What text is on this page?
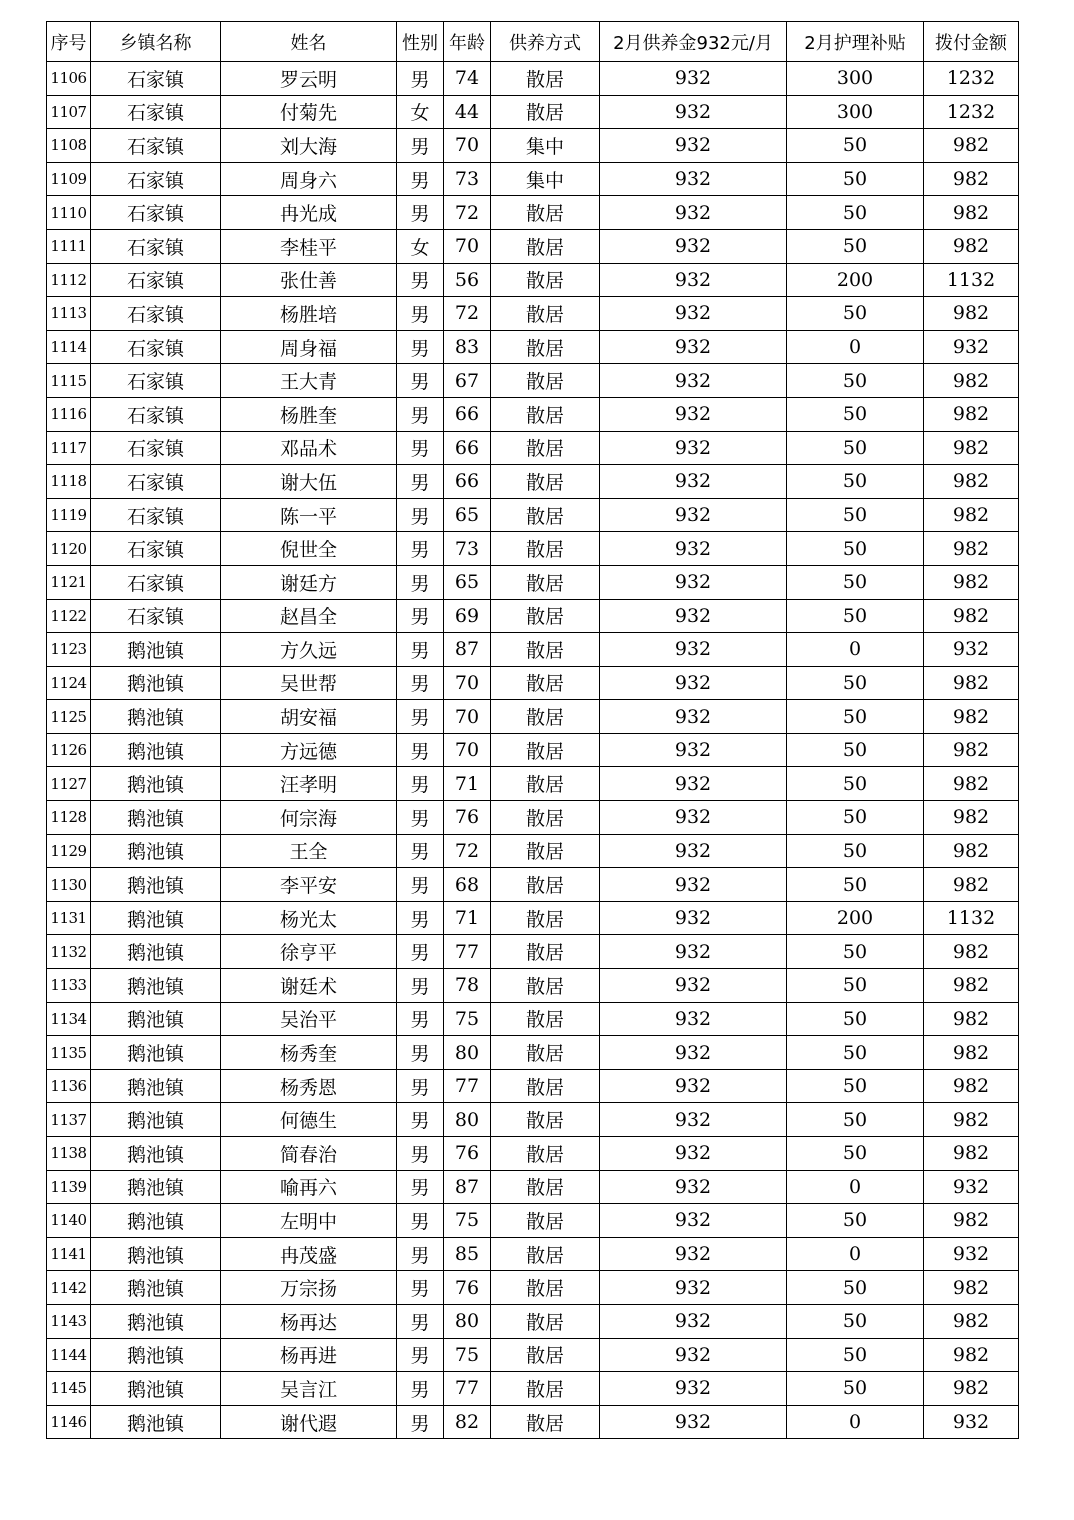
序号	乡镇名称	姓名	性别	年龄	供养方式	2月供养金932元/月	2月护理补贴	拨付金额
1106	石家镇	罗云明	男	74	散居	932	300	1232
1107	石家镇	付菊先	女	44	散居	932	300	1232
1108	石家镇	刘大海	男	70	集中	932	50	982
1109	石家镇	周身六	男	73	集中	932	50	982
1110	石家镇	冉光成	男	72	散居	932	50	982
1111	石家镇	李桂平	女	70	散居	932	50	982
1112	石家镇	张仕善	男	56	散居	932	200	1132
1113	石家镇	杨胜培	男	72	散居	932	50	982
1114	石家镇	周身福	男	83	散居	932	0	932
1115	石家镇	王大青	男	67	散居	932	50	982
1116	石家镇	杨胜奎	男	66	散居	932	50	982
1117	石家镇	邓品术	男	66	散居	932	50	982
1118	石家镇	谢大伍	男	66	散居	932	50	982
1119	石家镇	陈一平	男	65	散居	932	50	982
1120	石家镇	倪世全	男	73	散居	932	50	982
1121	石家镇	谢廷方	男	65	散居	932	50	982
1122	石家镇	赵昌全	男	69	散居	932	50	982
1123	鹅池镇	方久远	男	87	散居	932	0	932
1124	鹅池镇	吴世帮	男	70	散居	932	50	982
1125	鹅池镇	胡安福	男	70	散居	932	50	982
1126	鹅池镇	方远德	男	70	散居	932	50	982
1127	鹅池镇	汪孝明	男	71	散居	932	50	982
1128	鹅池镇	何宗海	男	76	散居	932	50	982
1129	鹅池镇	王全	男	72	散居	932	50	982
1130	鹅池镇	李平安	男	68	散居	932	50	982
1131	鹅池镇	杨光太	男	71	散居	932	200	1132
1132	鹅池镇	徐亨平	男	77	散居	932	50	982
1133	鹅池镇	谢廷术	男	78	散居	932	50	982
1134	鹅池镇	吴治平	男	75	散居	932	50	982
1135	鹅池镇	杨秀奎	男	80	散居	932	50	982
1136	鹅池镇	杨秀恩	男	77	散居	932	50	982
1137	鹅池镇	何德生	男	80	散居	932	50	982
1138	鹅池镇	简春治	男	76	散居	932	50	982
1139	鹅池镇	喻再六	男	87	散居	932	0	932
1140	鹅池镇	左明中	男	75	散居	932	50	982
1141	鹅池镇	冉茂盛	男	85	散居	932	0	932
1142	鹅池镇	万宗扬	男	76	散居	932	50	982
1143	鹅池镇	杨再达	男	80	散居	932	50	982
1144	鹅池镇	杨再进	男	75	散居	932	50	982
1145	鹅池镇	吴言江	男	77	散居	932	50	982
1146	鹅池镇	谢代遐	男	82	散居	932	0	932
